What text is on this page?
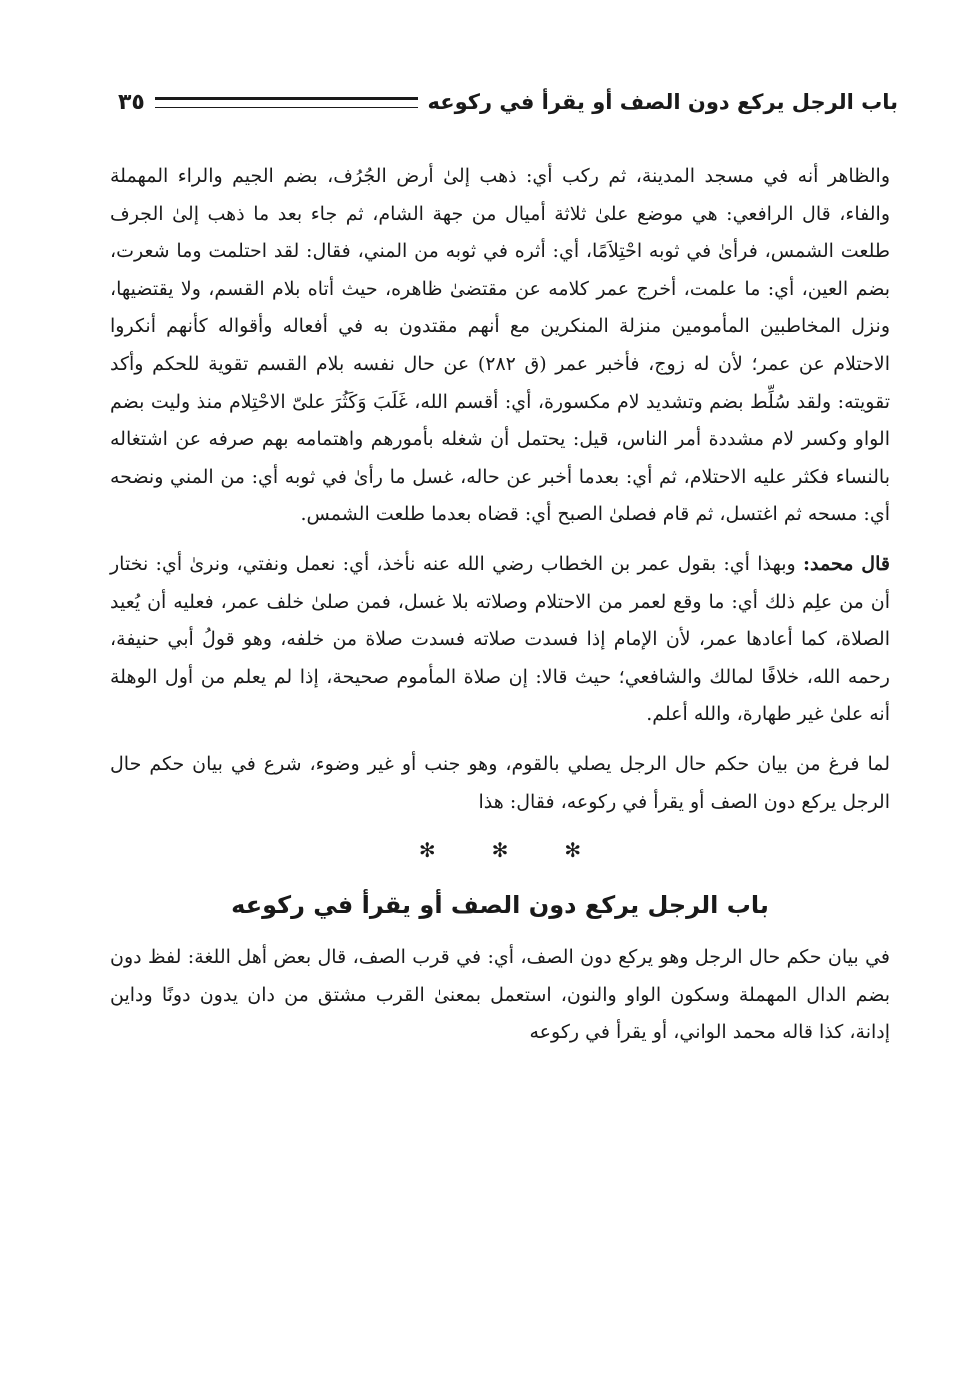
باب الرجل يركع دون الصف أو يقرأ في ركوعه
٣٥

والظاهر أنه في مسجد المدينة، ثم ركب أي: ذهب إلىٰ أرض الجُرُف، بضم الجيم والراء المهملة والفاء، قال الرافعي: هي موضع علىٰ ثلاثة أميال من جهة الشام، ثم جاء بعد ما ذهب إلىٰ الجرف طلعت الشمس، فرأىٰ في ثوبه احْتِلاَمًا، أي: أثره في ثوبه من المني، فقال: لقد احتلمت وما شعرت، بضم العين، أي: ما علمت، أخرج عمر كلامه عن مقتضىٰ ظاهره، حيث أتاه بلام القسم، ولا يقتضيها، ونزل المخاطبين المأمومين منزلة المنكرين مع أنهم مقتدون به في أفعاله وأقواله كأنهم أنكروا الاحتلام عن عمر؛ لأن له زوج، فأخبر عمر (ق ٢٨٢) عن حال نفسه بلام القسم تقوية للحكم وأكد تقويته: ولقد سُلِّط بضم وتشديد لام مكسورة، أي: أقسم الله، غَلَبَ وَكَثُرَ علىّ الاحْتِلام منذ وليت بضم الواو وكسر لام مشددة أمر الناس، قيل: يحتمل أن شغله بأمورهم واهتمامه بهم صرفه عن اشتغاله بالنساء فكثر عليه الاحتلام، ثم أي: بعدما أخبر عن حاله، غسل ما رأىٰ في ثوبه أي: من المني ونضحه أي: مسحه ثم اغتسل، ثم قام فصلىٰ الصبح أي: قضاه بعدما طلعت الشمس.

قال محمد: وبهذا أي: بقول عمر بن الخطاب رضي الله عنه نأخذ، أي: نعمل ونفتي، ونرىٰ أي: نختار أن من علِم ذلك أي: ما وقع لعمر من الاحتلام وصلاته بلا غسل، فمن صلىٰ خلف عمر، فعليه أن يُعيد الصلاة، كما أعادها عمر، لأن الإمام إذا فسدت صلاته فسدت صلاة من خلفه، وهو قولُ أبي حنيفة، رحمه الله، خلافًا لمالك والشافعي؛ حيث قالا: إن صلاة المأموم صحيحة، إذا لم يعلم من أول الوهلة أنه علىٰ غير طهارة، والله أعلم.

لما فرغ من بيان حكم حال الرجل يصلي بالقوم، وهو جنب أو غير وضوء، شرع في بيان حكم حال الرجل يركع دون الصف أو يقرأ في ركوعه، فقال: هذا

✻✻✻
باب الرجل يركع دون الصف أو يقرأ في ركوعه

في بيان حكم حال الرجل وهو يركع دون الصف، أي: في قرب الصف، قال بعض أهل اللغة: لفظ دون بضم الدال المهملة وسكون الواو والنون، استعمل بمعنىٰ القرب مشتق من دان يدون دونًا وداين إدانة، كذا قاله محمد الواني، أو يقرأ في ركوعه
